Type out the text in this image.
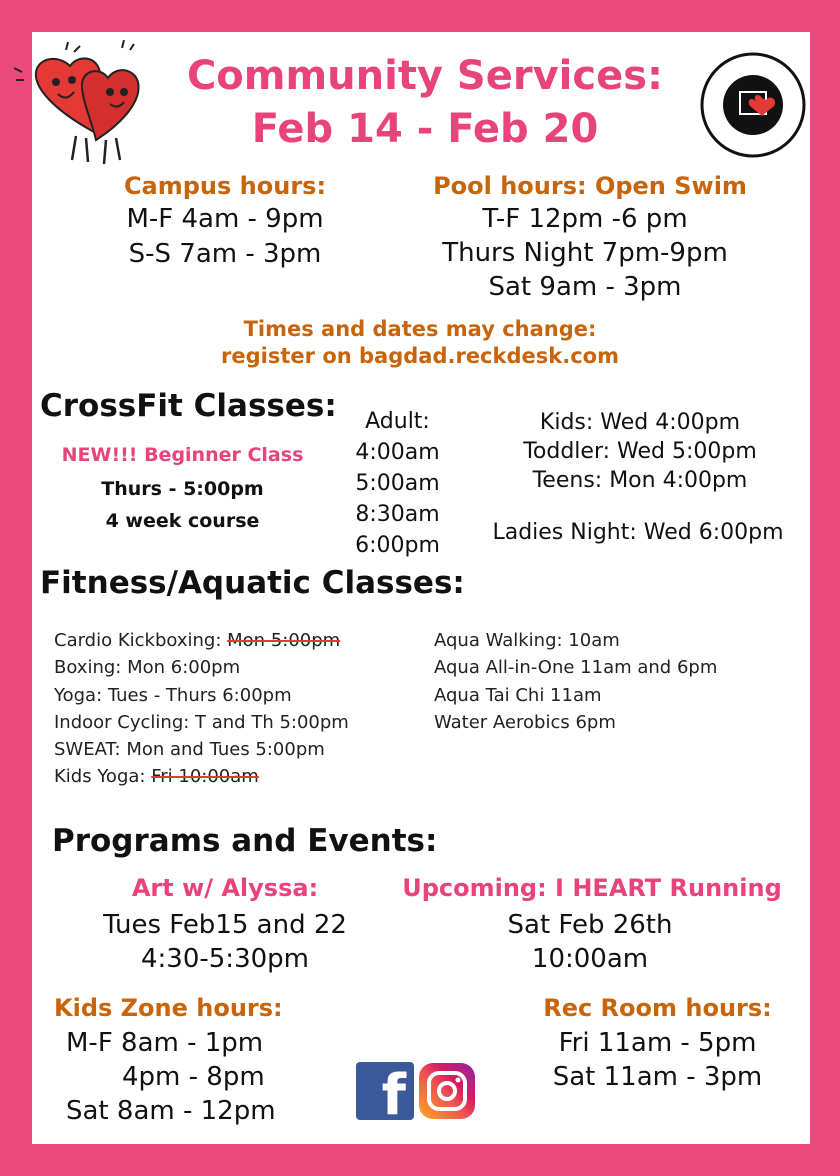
Community Services:
Feb 14 - Feb 20
Campus hours:
M-F 4am - 9pm
S-S 7am - 3pm
Pool hours: Open Swim
T-F 12pm -6 pm
Thurs Night 7pm-9pm
Sat 9am - 3pm
Times and dates may change:
register on bagdad.reckdesk.com
CrossFit Classes:
NEW!!! Beginner Class
Thurs - 5:00pm
4 week course
Adult:
4:00am
5:00am
8:30am
6:00pm
Kids: Wed 4:00pm
Toddler: Wed 5:00pm
Teens: Mon 4:00pm
Ladies Night: Wed 6:00pm
Fitness/Aquatic Classes:
Cardio Kickboxing: Mon 5:00pm
Boxing: Mon 6:00pm
Yoga: Tues - Thurs 6:00pm
Indoor Cycling: T and Th 5:00pm
SWEAT: Mon and Tues 5:00pm
Kids Yoga: Fri 10:00am
Aqua Walking: 10am
Aqua All-in-One 11am and 6pm
Aqua Tai Chi 11am
Water Aerobics 6pm
Programs and Events:
Art w/ Alyssa:
Tues Feb15 and 22
4:30-5:30pm
Upcoming: I HEART Running
Sat Feb 26th
10:00am
Kids Zone hours:
M-F 8am - 1pm
4pm - 8pm
Sat 8am - 12pm	f
Rec Room hours:
Fri 11am - 5pm
Sat 11am - 3pm
